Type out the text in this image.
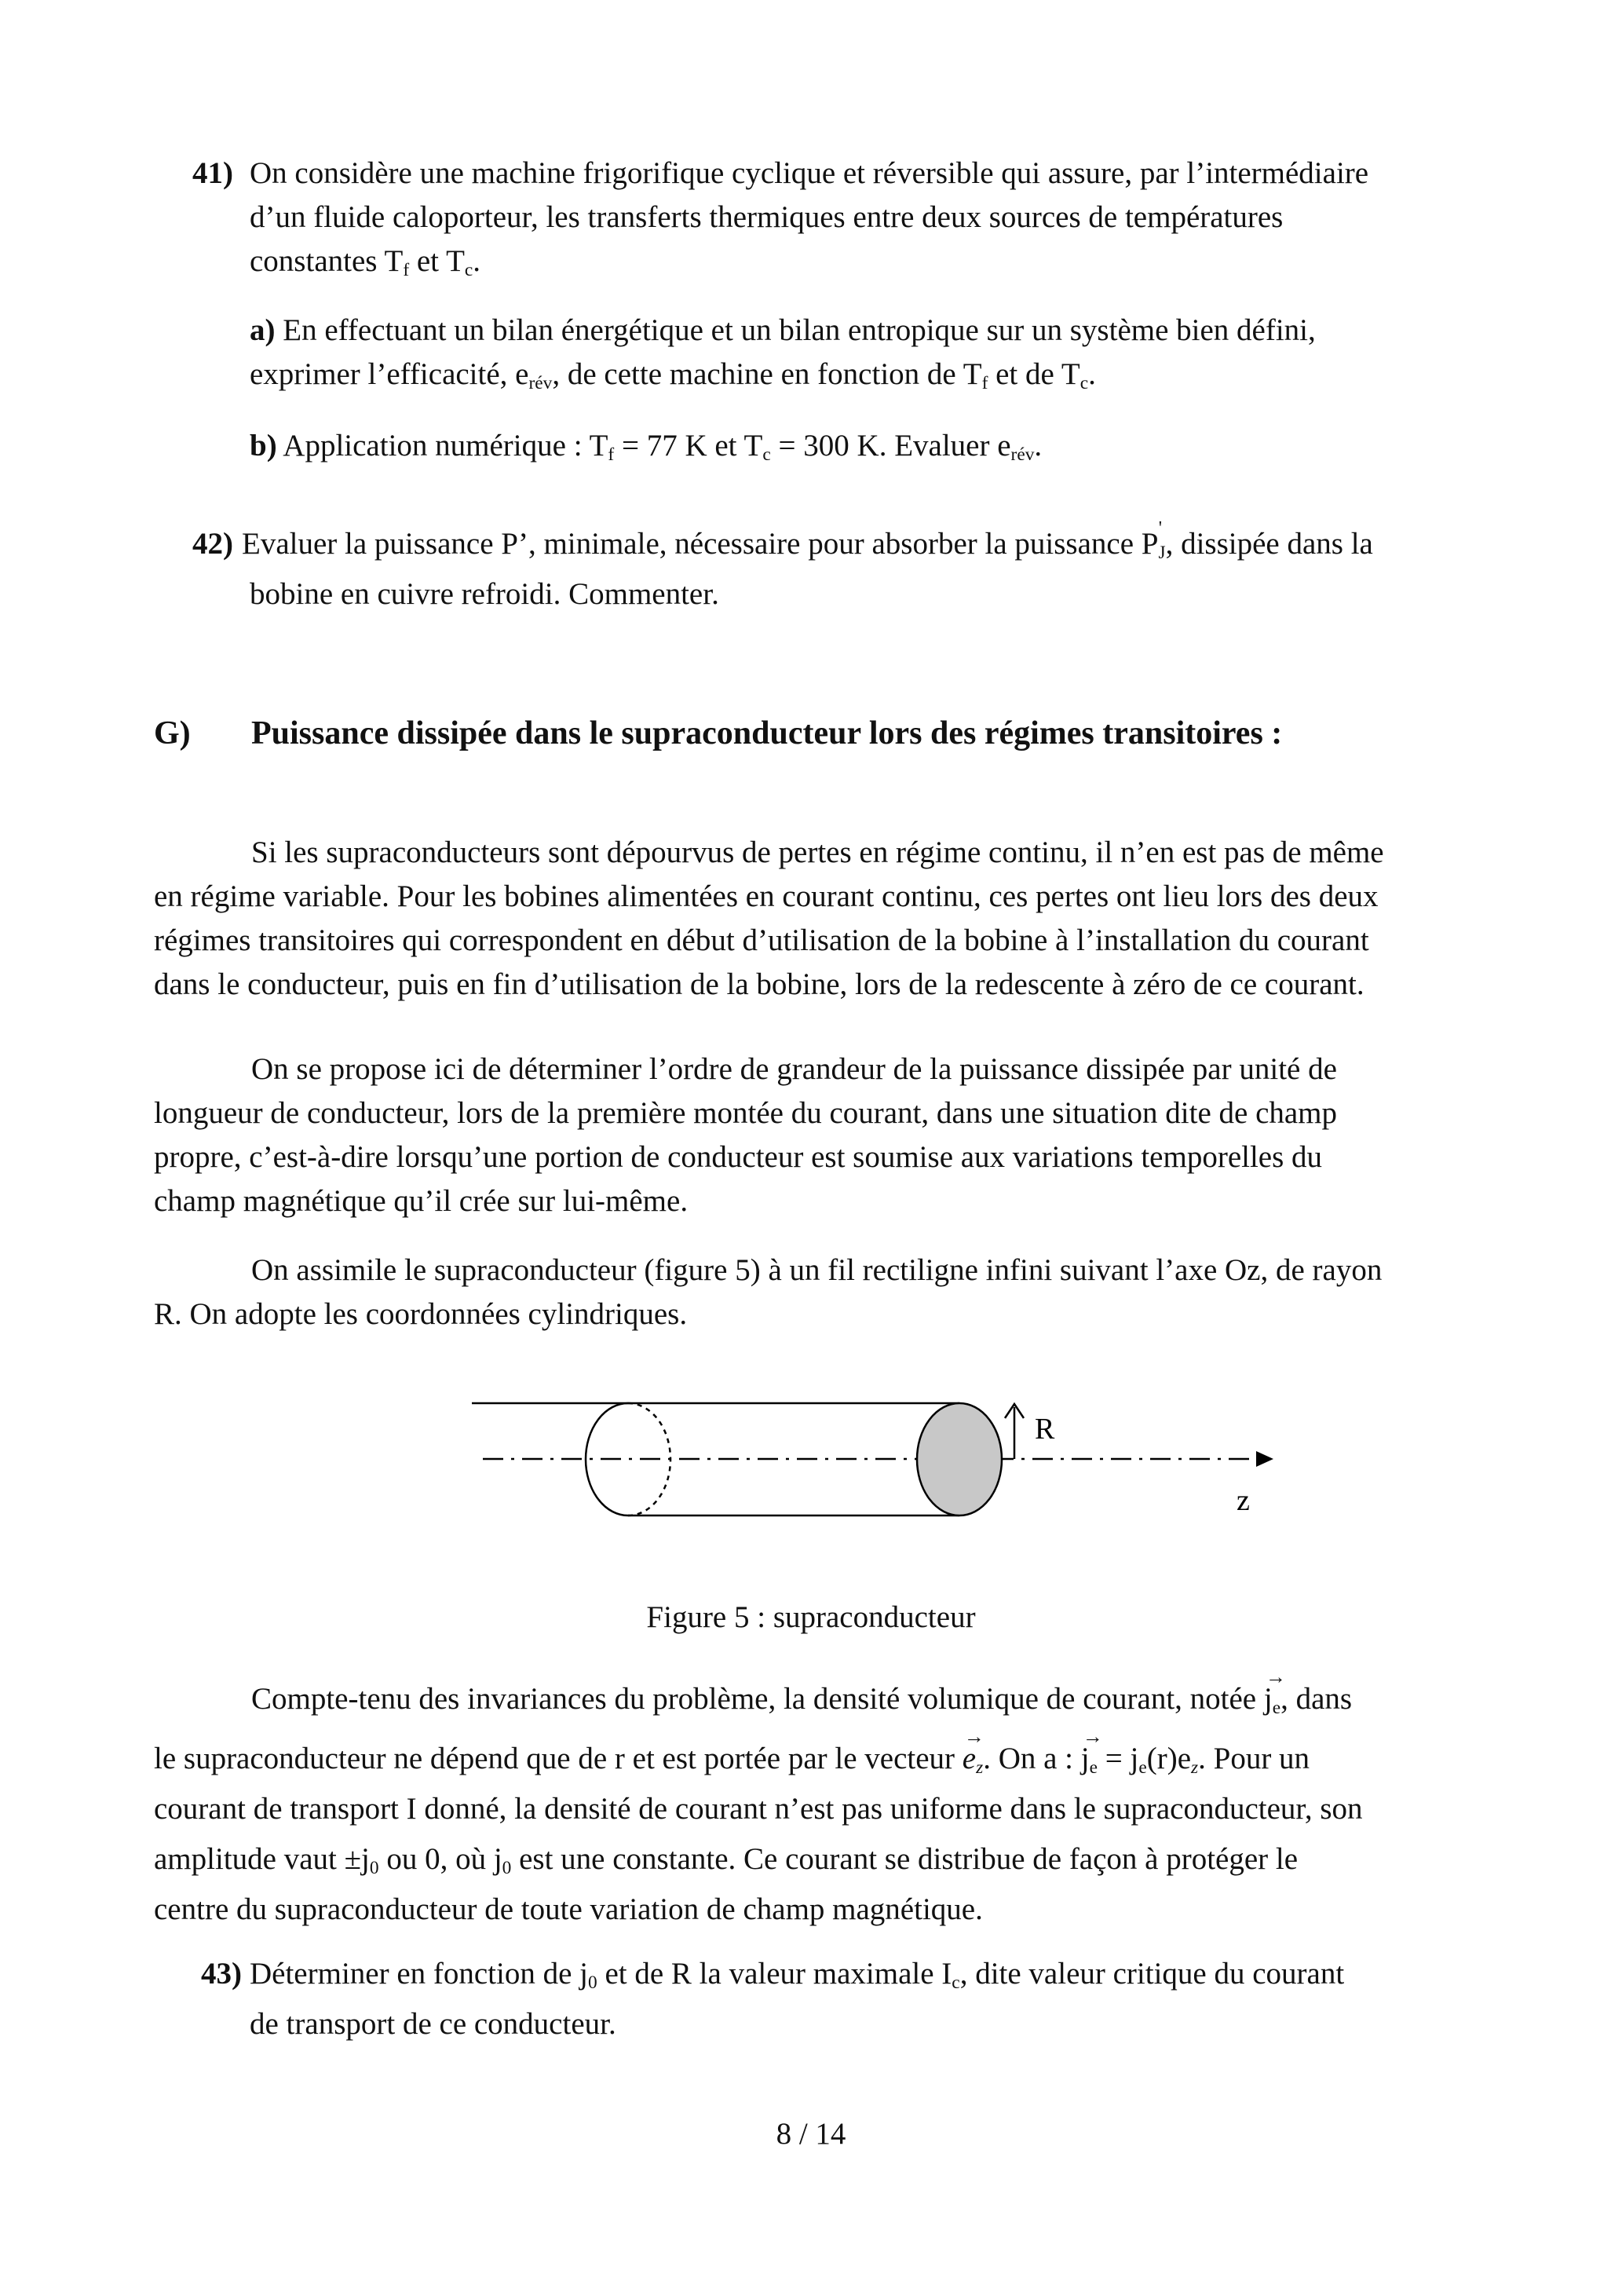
41) On considère une machine frigorifique cyclique et réversible qui assure, par l’intermédiaire
d’un fluide caloporteur, les transferts thermiques entre deux sources de températures
constantes $T_f$ et $T_c$.
a) En effectuant un bilan énergétique et un bilan entropique sur un système bien défini,
exprimer l’efficacité, $e_{rév}$, de cette machine en fonction de $T_f$ et de $T_c$.
b) Application numérique : $T_f = 77$ K et $T_c = 300$ K. Evaluer $e_{rév}$.
42) Evaluer la puissance P’, minimale, nécessaire pour absorber la puissance P '
$_J$, dissipée dans la
bobine en cuivre refroidi. Commenter.
G) Puissance dissipée dans le supraconducteur lors des régimes transitoires :
Si les supraconducteurs sont dépourvus de pertes en régime continu, il n’en est pas de même
en régime variable. Pour les bobines alimentées en courant continu, ces pertes ont lieu lors des deux
régimes transitoires qui correspondent en début d’utilisation de la bobine à l’installation du courant
dans le conducteur, puis en fin d’utilisation de la bobine, lors de la redescente à zéro de ce courant.
On se propose ici de déterminer l’ordre de grandeur de la puissance dissipée par unité de
longueur de conducteur, lors de la première montée du courant, dans une situation dite de champ
propre, c’est-à-dire lorsqu’une portion de conducteur est soumise aux variations temporelles du
champ magnétique qu’il crée sur lui-même.
On assimile le supraconducteur (figure 5) à un fil rectiligne infini suivant l’axe Oz, de rayon
R. On adopte les coordonnées cylindriques.
R
z
Figure 5 : supraconducteur
Compte-tenu des invariances du problème, la densité volumique de courant, notée → $j_e$, dans
le supraconducteur ne dépend que de r et est portée par le vecteur → $e_z$. On a : → $j_e = j_e(r)e_z$. Pour un
courant de transport I donné, la densité de courant n’est pas uniforme dans le supraconducteur, son
amplitude vaut $\pm j_0$ ou 0, où $j_0$ est une constante. Ce courant se distribue de façon à protéger le
centre du supraconducteur de toute variation de champ magnétique.
43) Déterminer en fonction de $j_0$ et de R la valeur maximale $I_c$, dite valeur critique du courant
de transport de ce conducteur.
8 / 14
